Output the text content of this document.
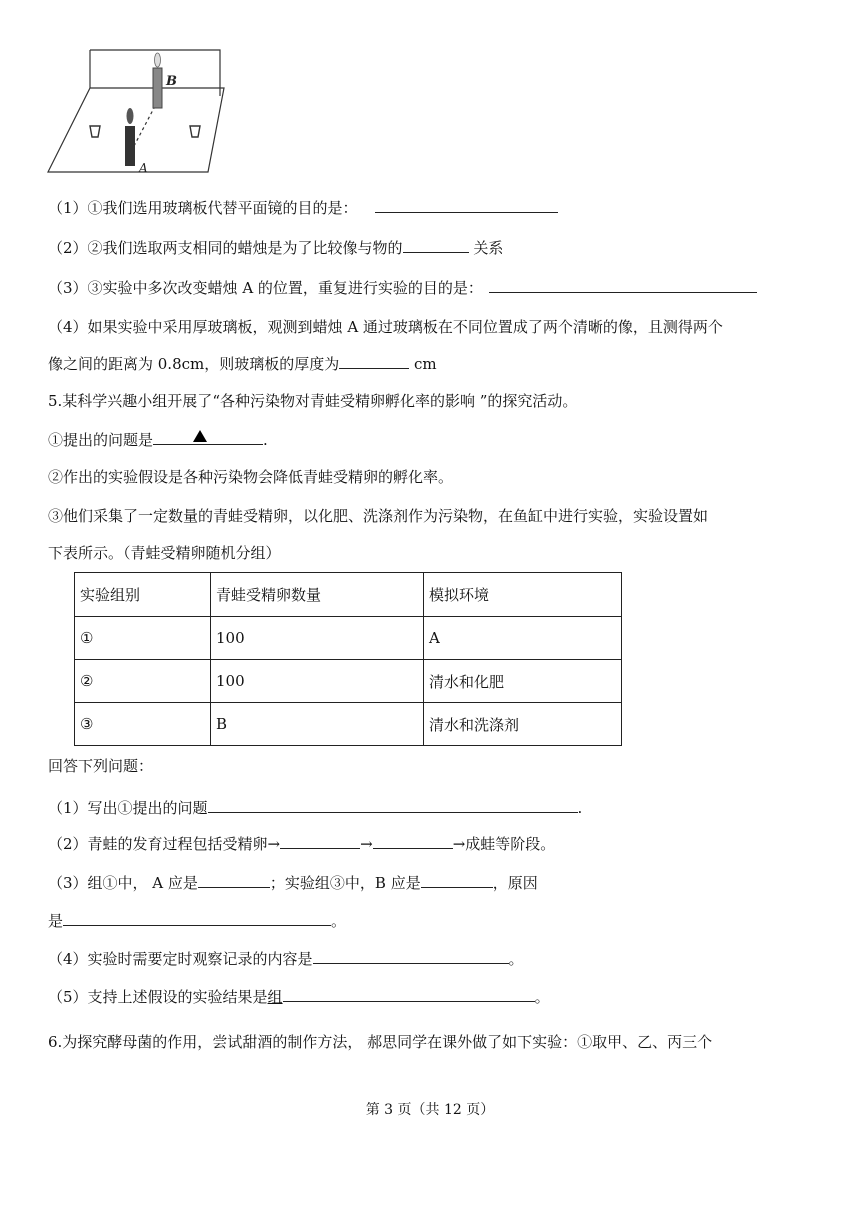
B
A
（1）①我们选用玻璃板代替平面镜的目的是：
（2）②我们选取两支相同的蜡烛是为了比较像与物的	关系
（3）③实验中多次改变蜡烛 A 的位置，重复进行实验的目的是：
（4）如果实验中采用厚玻璃板，观测到蜡烛 A 通过玻璃板在不同位置成了两个清晰的像，且测得两个
像之间的距离为 0.8cm，则玻璃板的厚度为	cm
5.某科学兴趣小组开展了“各种污染物对青蛙受精卵孵化率的影响 ”的探究活动。
①提出的问题是	.
②作出的实验假设是各种污染物会降低青蛙受精卵的孵化率。
③他们采集了一定数量的青蛙受精卵，以化肥、洗涤剂作为污染物，在鱼缸中进行实验，实验设置如
下表所示。（青蛙受精卵随机分组）
实验组别	青蛙受精卵数量	模拟环境
①	100	A
②	100	清水和化肥
③	B	清水和洗涤剂
回答下列问题：
（1）写出①提出的问题	.
（2）青蛙的发育过程包括受精卵→	→	→成蛙等阶段。
（3）组①中， A 应是	；实验组③中，B 应是	，原因
是	。
（4）实验时需要定时观察记录的内容是	。
（5）支持上述假设的实验结果是组	。
6.为探究酵母菌的作用，尝试甜酒的制作方法， 郝思同学在课外做了如下实验：①取甲、乙、丙三个
第 3 页（共 12 页）
